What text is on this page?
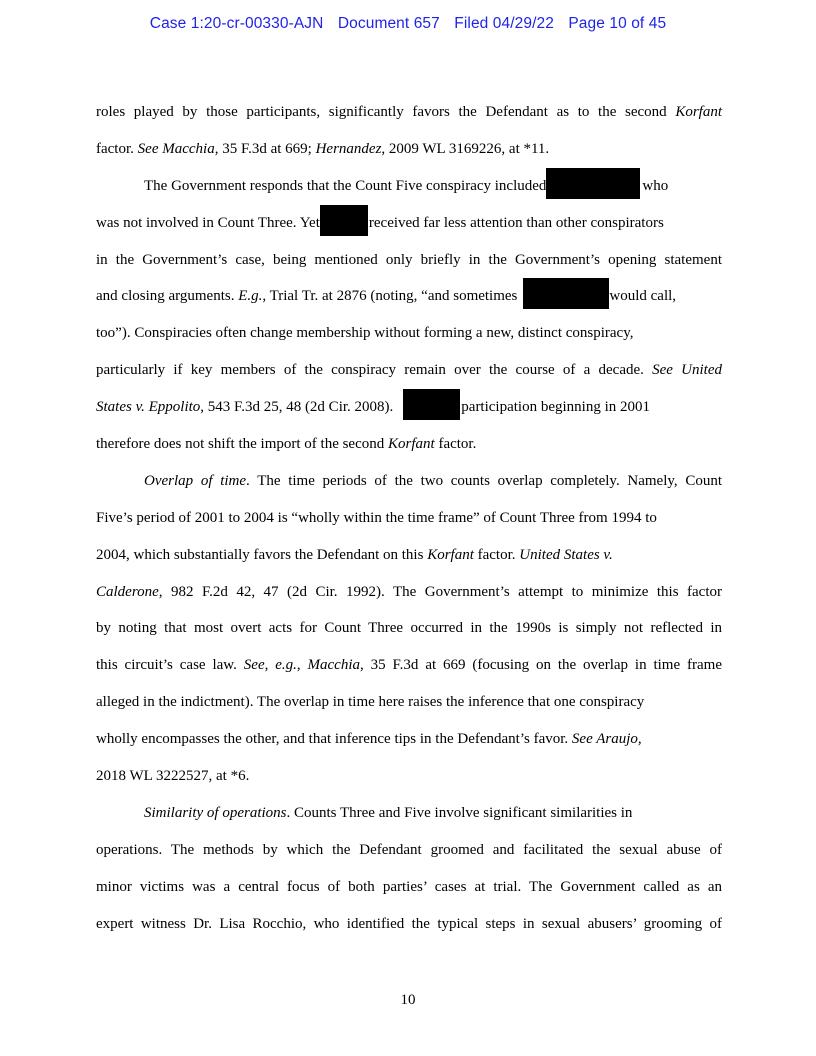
Case 1:20-cr-00330-AJN Document 657 Filed 04/29/22 Page 10 of 45
roles played by those participants, significantly favors the Defendant as to the second Korfant
factor. See Macchia, 35 F.3d at 669; Hernandez, 2009 WL 3169226, at *11.
The Government responds that the Count Five conspiracy included	who
was not involved in Count Three. Yet	received far less attention than other conspirators
in the Government’s case, being mentioned only briefly in the Government’s opening statement
and closing arguments. E.g., Trial Tr. at 2876 (noting, “and sometimes	would call,
too”). Conspiracies often change membership without forming a new, distinct conspiracy,
particularly if key members of the conspiracy remain over the course of a decade. See United
States v. Eppolito, 543 F.3d 25, 48 (2d Cir. 2008).	participation beginning in 2001
therefore does not shift the import of the second Korfant factor.
Overlap of time. The time periods of the two counts overlap completely. Namely, Count
Five’s period of 2001 to 2004 is “wholly within the time frame” of Count Three from 1994 to
2004, which substantially favors the Defendant on this Korfant factor. United States v.
Calderone, 982 F.2d 42, 47 (2d Cir. 1992). The Government’s attempt to minimize this factor
by noting that most overt acts for Count Three occurred in the 1990s is simply not reflected in
this circuit’s case law. See, e.g., Macchia, 35 F.3d at 669 (focusing on the overlap in time frame
alleged in the indictment). The overlap in time here raises the inference that one conspiracy
wholly encompasses the other, and that inference tips in the Defendant’s favor. See Araujo,
2018 WL 3222527, at *6.
Similarity of operations. Counts Three and Five involve significant similarities in
operations. The methods by which the Defendant groomed and facilitated the sexual abuse of
minor victims was a central focus of both parties’ cases at trial. The Government called as an
expert witness Dr. Lisa Rocchio, who identified the typical steps in sexual abusers’ grooming of
10
